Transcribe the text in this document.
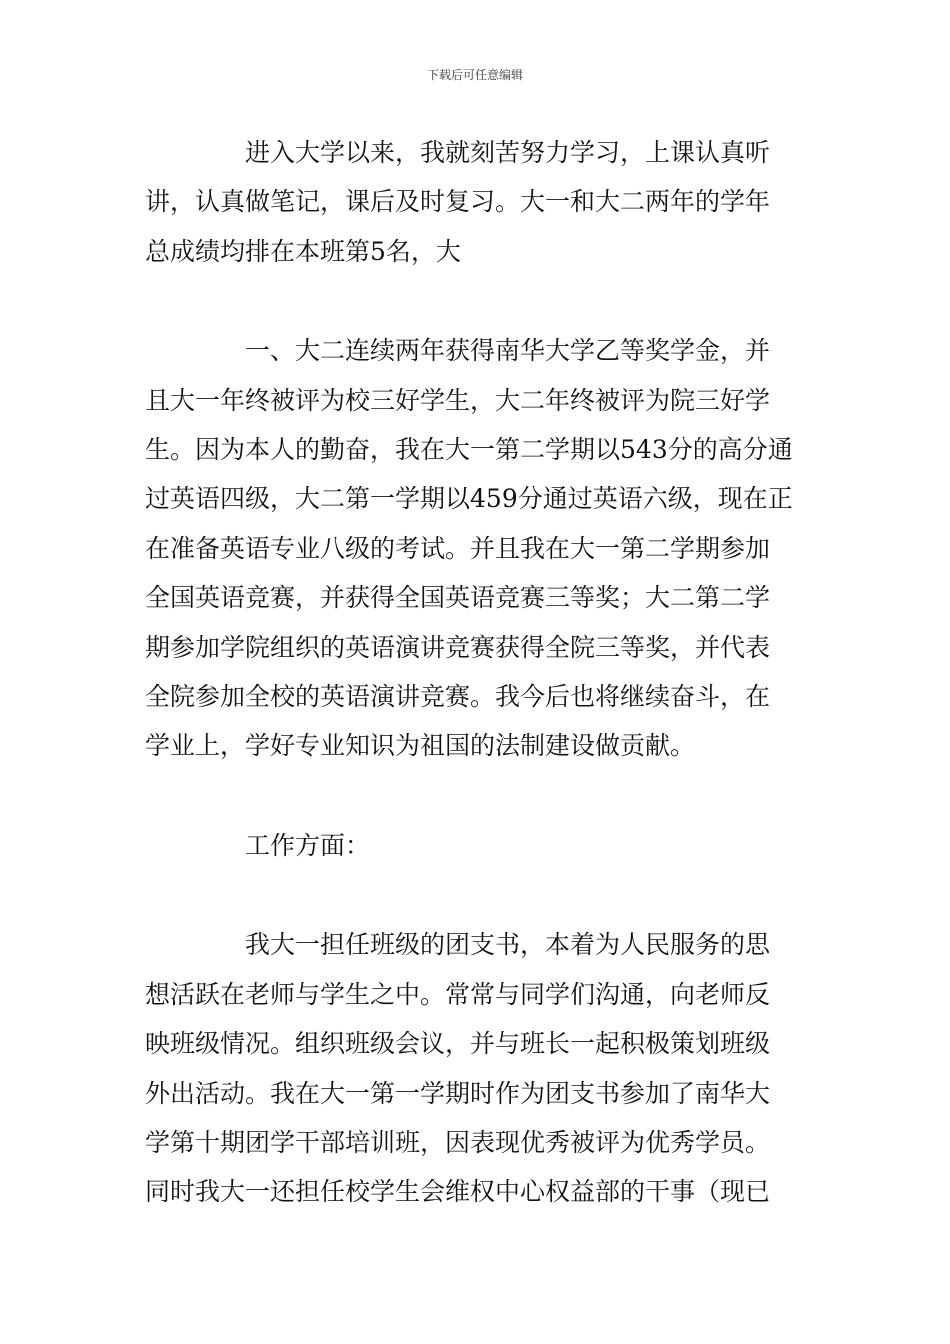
下载后可任意编辑

进入大学以来，我就刻苦努力学习，上课认真听
讲，认真做笔记，课后及时复习。大一和大二两年的学年
总成绩均排在本班第5名，大

一、大二连续两年获得南华大学乙等奖学金，并
且大一年终被评为校三好学生，大二年终被评为院三好学
生。因为本人的勤奋，我在大一第二学期以543分的高分通
过英语四级，大二第一学期以459分通过英语六级，现在正
在准备英语专业八级的考试。并且我在大一第二学期参加
全国英语竞赛，并获得全国英语竞赛三等奖；大二第二学
期参加学院组织的英语演讲竞赛获得全院三等奖，并代表
全院参加全校的英语演讲竞赛。我今后也将继续奋斗，在
学业上，学好专业知识为祖国的法制建设做贡献。

工作方面：

我大一担任班级的团支书，本着为人民服务的思
想活跃在老师与学生之中。常常与同学们沟通，向老师反
映班级情况。组织班级会议，并与班长一起积极策划班级
外出活动。我在大一第一学期时作为团支书参加了南华大
学第十期团学干部培训班，因表现优秀被评为优秀学员。
同时我大一还担任校学生会维权中心权益部的干事（现已
